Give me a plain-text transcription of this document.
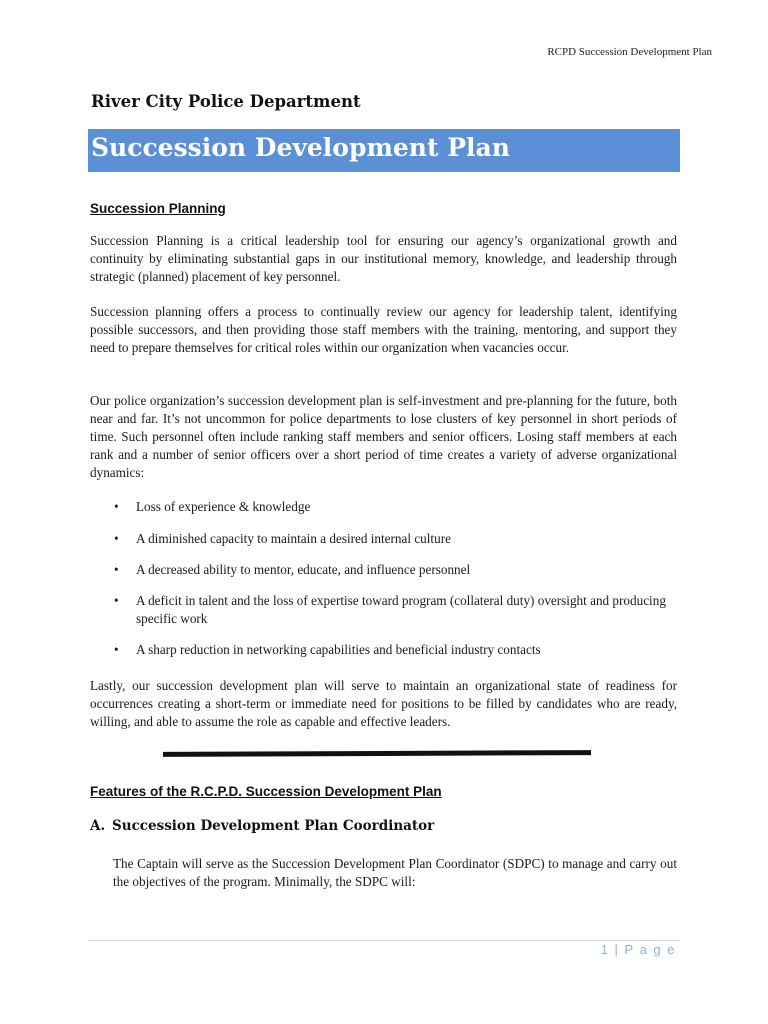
RCPD Succession Development Plan
River City Police Department
Succession Development Plan
Succession Planning

Succession Planning is a critical leadership tool for ensuring our agency’s organizational growth and continuity by eliminating substantial gaps in our institutional memory, knowledge, and leadership through strategic (planned) placement of key personnel.

Succession planning offers a process to continually review our agency for leadership talent, identifying possible successors, and then providing those staff members with the training, mentoring, and support they need to prepare themselves for critical roles within our organization when vacancies occur.

Our police organization’s succession development plan is self-investment and pre-planning for the future, both near and far. It’s not uncommon for police departments to lose clusters of key personnel in short periods of time. Such personnel often include ranking staff members and senior officers. Losing staff members at each rank and a number of senior officers over a short period of time creates a variety of adverse organizational dynamics:

• Loss of experience & knowledge
• A diminished capacity to maintain a desired internal culture
• A decreased ability to mentor, educate, and influence personnel
• A deficit in talent and the loss of expertise toward program (collateral duty) oversight and producing specific work
• A sharp reduction in networking capabilities and beneficial industry contacts

Lastly, our succession development plan will serve to maintain an organizational state of readiness for occurrences creating a short-term or immediate need for positions to be filled by candidates who are ready, willing, and able to assume the role as capable and effective leaders.

Features of the R.C.P.D. Succession Development Plan
A. Succession Development Plan Coordinator

The Captain will serve as the Succession Development Plan Coordinator (SDPC) to manage and carry out the objectives of the program. Minimally, the SDPC will:

1 | P a g e
